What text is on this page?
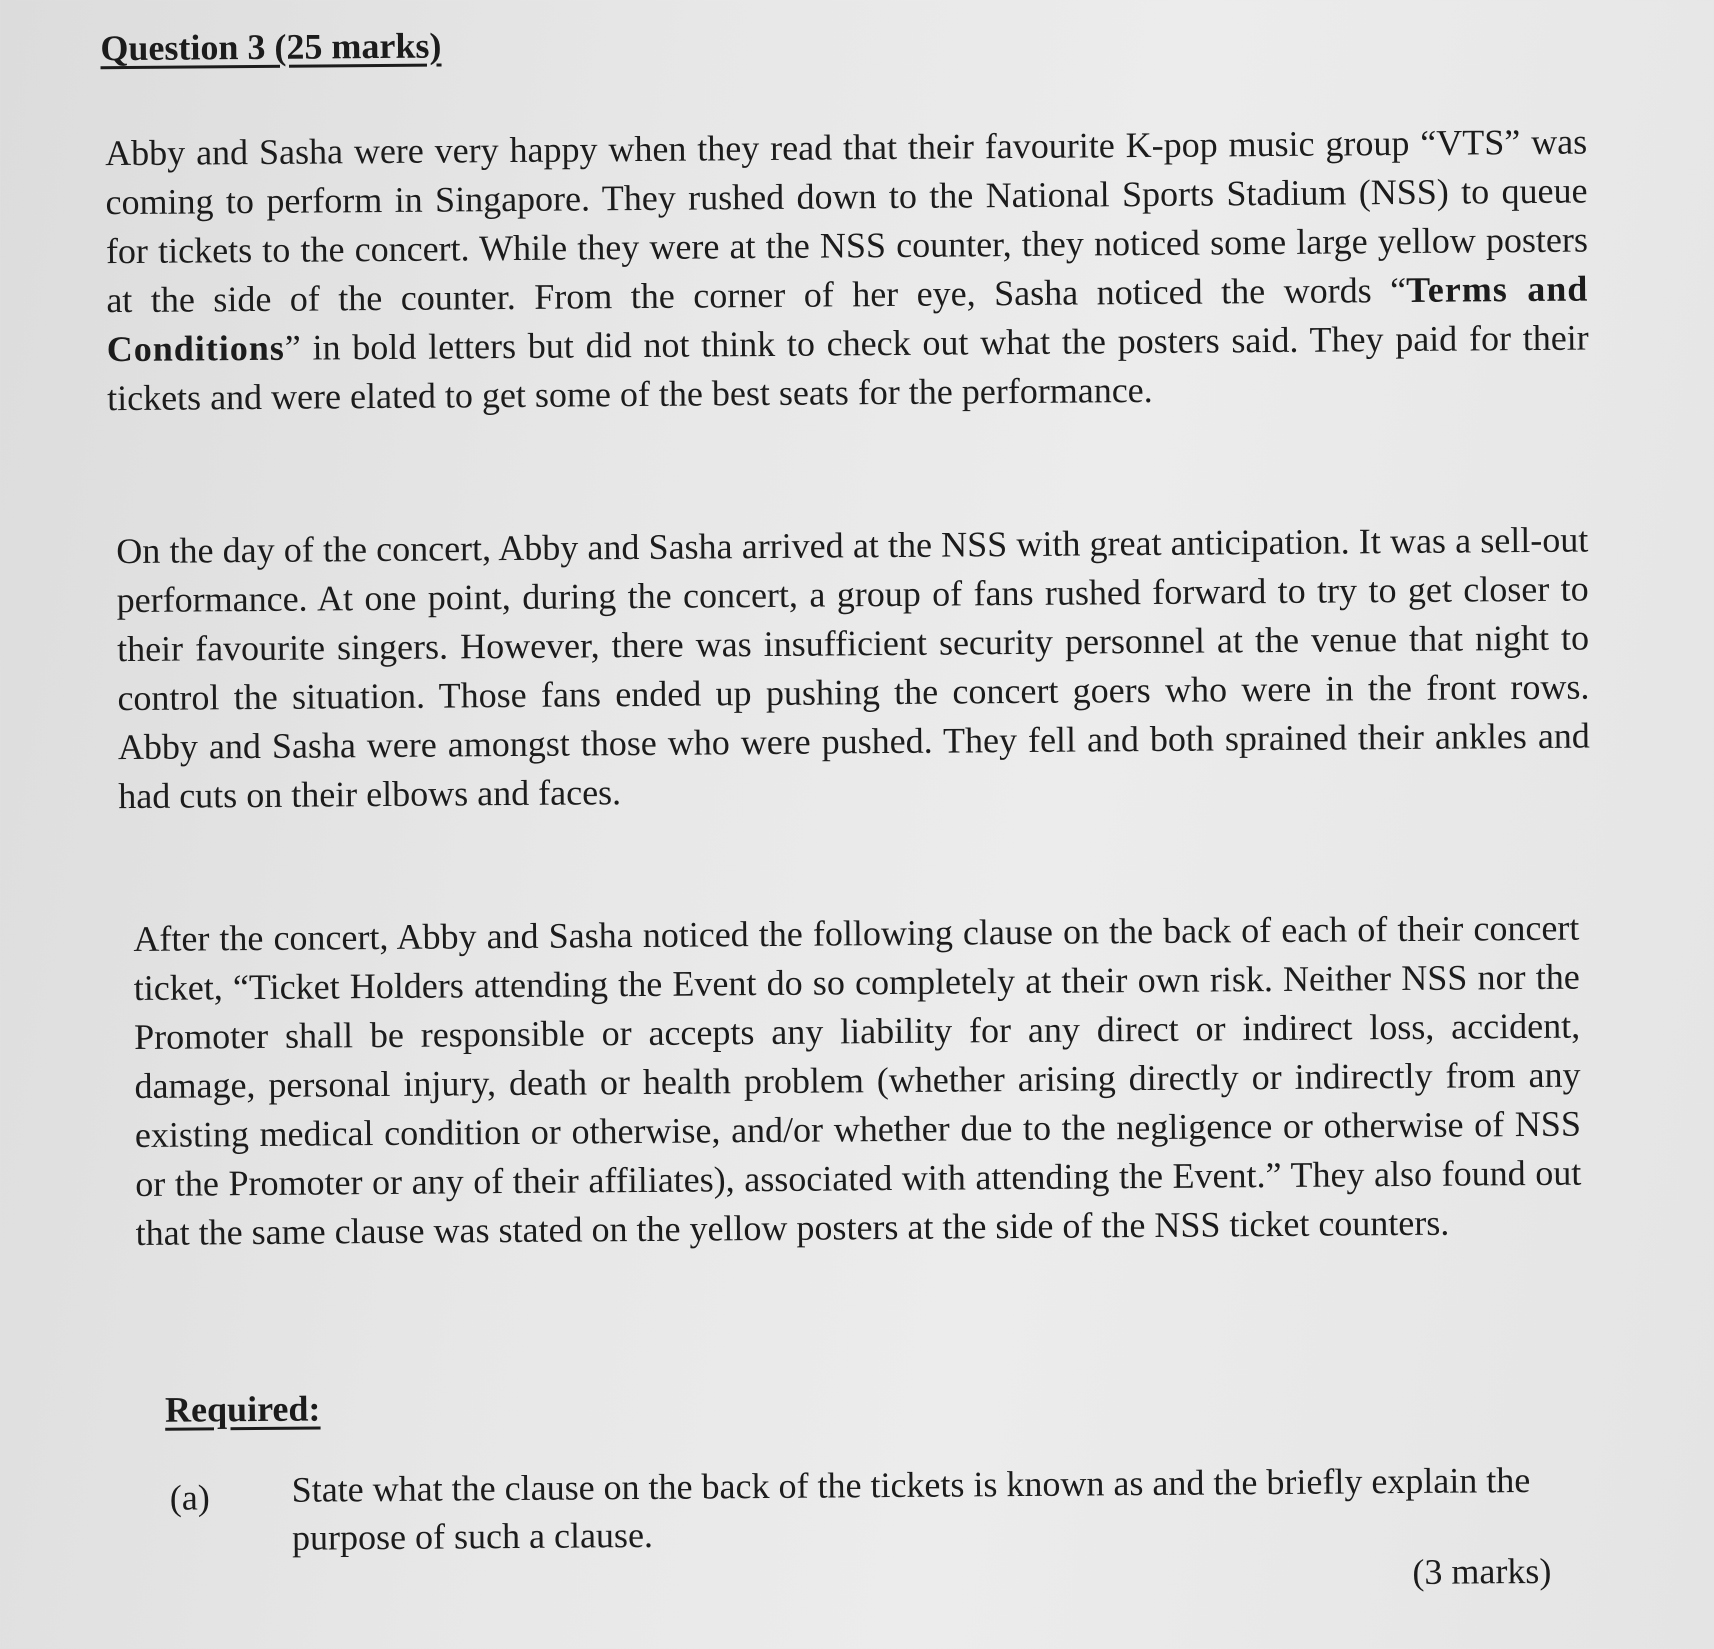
Question 3 (25 marks)

Abby and Sasha were very happy when they read that their favourite K-pop music group “VTS” was coming to perform in Singapore. They rushed down to the National Sports Stadium (NSS) to queue for tickets to the concert. While they were at the NSS counter, they noticed some large yellow posters at the side of the counter. From the corner of her eye, Sasha noticed the words “Terms and Conditions” in bold letters but did not think to check out what the posters said. They paid for their tickets and were elated to get some of the best seats for the performance.

On the day of the concert, Abby and Sasha arrived at the NSS with great anticipation. It was a sell-out performance. At one point, during the concert, a group of fans rushed forward to try to get closer to their favourite singers. However, there was insufficient security personnel at the venue that night to control the situation. Those fans ended up pushing the concert goers who were in the front rows. Abby and Sasha were amongst those who were pushed. They fell and both sprained their ankles and had cuts on their elbows and faces.

After the concert, Abby and Sasha noticed the following clause on the back of each of their concert ticket, “Ticket Holders attending the Event do so completely at their own risk. Neither NSS nor the Promoter shall be responsible or accepts any liability for any direct or indirect loss, accident, damage, personal injury, death or health problem (whether arising directly or indirectly from any existing medical condition or otherwise, and/or whether due to the negligence or otherwise of NSS or the Promoter or any of their affiliates), associated with attending the Event.” They also found out that the same clause was stated on the yellow posters at the side of the NSS ticket counters.

Required:

(a) State what the clause on the back of the tickets is known as and the briefly explain the purpose of such a clause.

(3 marks)
